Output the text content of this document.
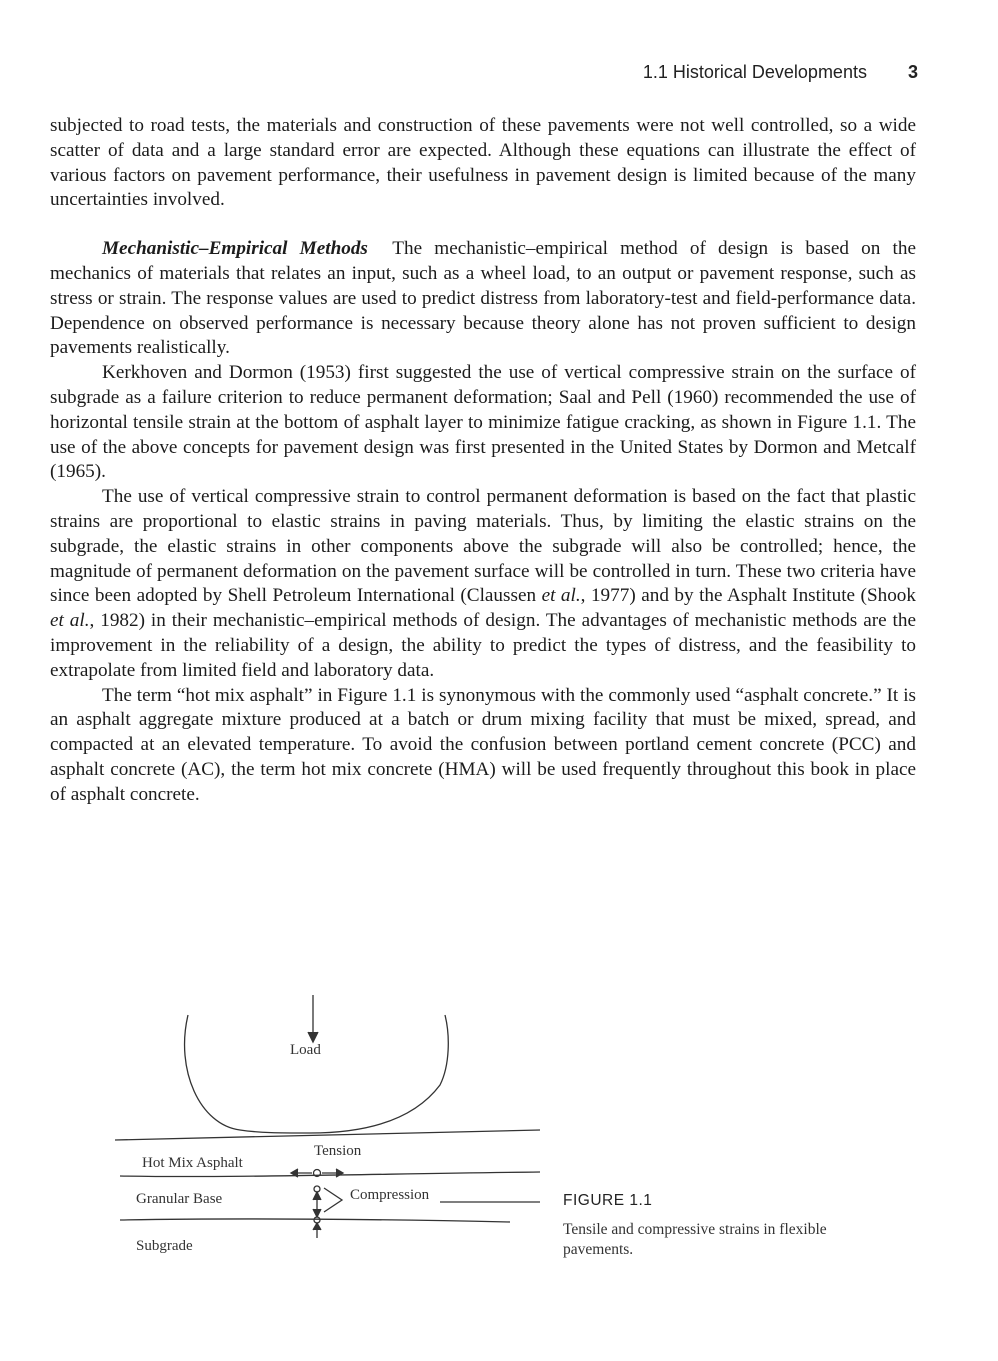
1.1 Historical Developments 3

subjected to road tests, the materials and construction of these pavements were not well controlled, so a wide scatter of data and a large standard error are expected. Although these equations can illustrate the effect of various factors on pavement performance, their usefulness in pavement design is limited because of the many uncertainties involved.

Mechanistic–Empirical Methods The mechanistic–empirical method of design is based on the mechanics of materials that relates an input, such as a wheel load, to an output or pavement response, such as stress or strain. The response values are used to predict distress from laboratory-test and field-performance data. Dependence on observed performance is necessary because theory alone has not proven sufficient to design pavements realistically.

Kerkhoven and Dormon (1953) first suggested the use of vertical compressive strain on the surface of subgrade as a failure criterion to reduce permanent deformation; Saal and Pell (1960) recommended the use of horizontal tensile strain at the bottom of asphalt layer to minimize fatigue cracking, as shown in Figure 1.1. The use of the above concepts for pavement design was first presented in the United States by Dormon and Metcalf (1965).

The use of vertical compressive strain to control permanent deformation is based on the fact that plastic strains are proportional to elastic strains in paving materials. Thus, by limiting the elastic strains on the subgrade, the elastic strains in other components above the subgrade will also be controlled; hence, the magnitude of permanent deformation on the pavement surface will be controlled in turn. These two criteria have since been adopted by Shell Petroleum International (Claussen et al., 1977) and by the Asphalt Institute (Shook et al., 1982) in their mechanistic–empirical methods of design. The advantages of mechanistic methods are the improvement in the reliability of a design, the ability to predict the types of distress, and the feasibility to extrapolate from limited field and laboratory data.

The term “hot mix asphalt” in Figure 1.1 is synonymous with the commonly used “asphalt concrete.” It is an asphalt aggregate mixture produced at a batch or drum mixing facility that must be mixed, spread, and compacted at an elevated temperature. To avoid the confusion between portland cement concrete (PCC) and asphalt concrete (AC), the term hot mix concrete (HMA) will be used frequently throughout this book in place of asphalt concrete.

Load
Tension
Compression
Hot Mix Asphalt
Granular Base
Subgrade
FIGURE 1.1
Tensile and compressive strains in flexible pavements.
